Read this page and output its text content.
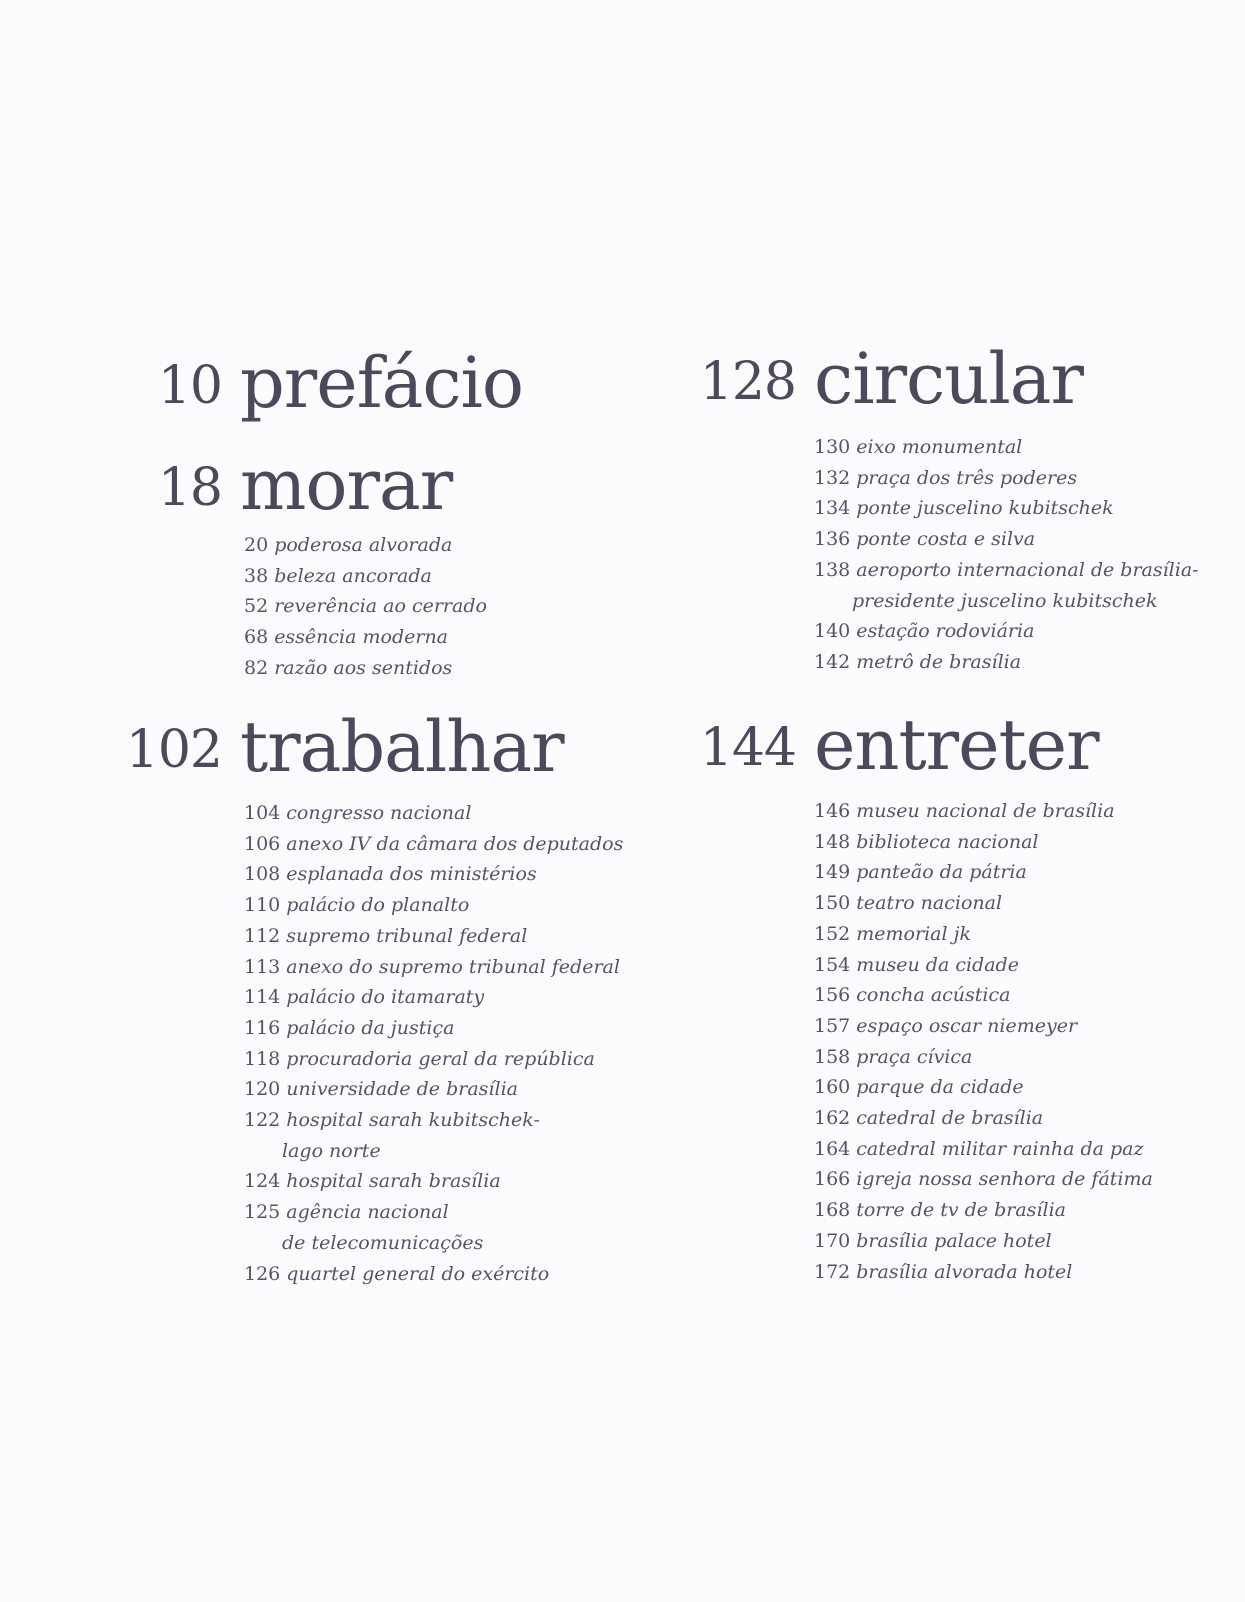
10 prefácio
18 morar
20 poderosa alvorada
38 beleza ancorada
52 reverência ao cerrado
68 essência moderna
82 razão aos sentidos
102 trabalhar
104 congresso nacional
106 anexo IV da câmara dos deputados
108 esplanada dos ministérios
110 palácio do planalto
112 supremo tribunal federal
113 anexo do supremo tribunal federal
114 palácio do itamaraty
116 palácio da justiça
118 procuradoria geral da república
120 universidade de brasília
122 hospital sarah kubitschek-
lago norte
124 hospital sarah brasília
125 agência nacional
de telecomunicações
126 quartel general do exército
128 circular
130 eixo monumental
132 praça dos três poderes
134 ponte juscelino kubitschek
136 ponte costa e silva
138 aeroporto internacional de brasília-
presidente juscelino kubitschek
140 estação rodoviária
142 metrô de brasília
144 entreter
146 museu nacional de brasília
148 biblioteca nacional
149 panteão da pátria
150 teatro nacional
152 memorial jk
154 museu da cidade
156 concha acústica
157 espaço oscar niemeyer
158 praça cívica
160 parque da cidade
162 catedral de brasília
164 catedral militar rainha da paz
166 igreja nossa senhora de fátima
168 torre de tv de brasília
170 brasília palace hotel
172 brasília alvorada hotel
